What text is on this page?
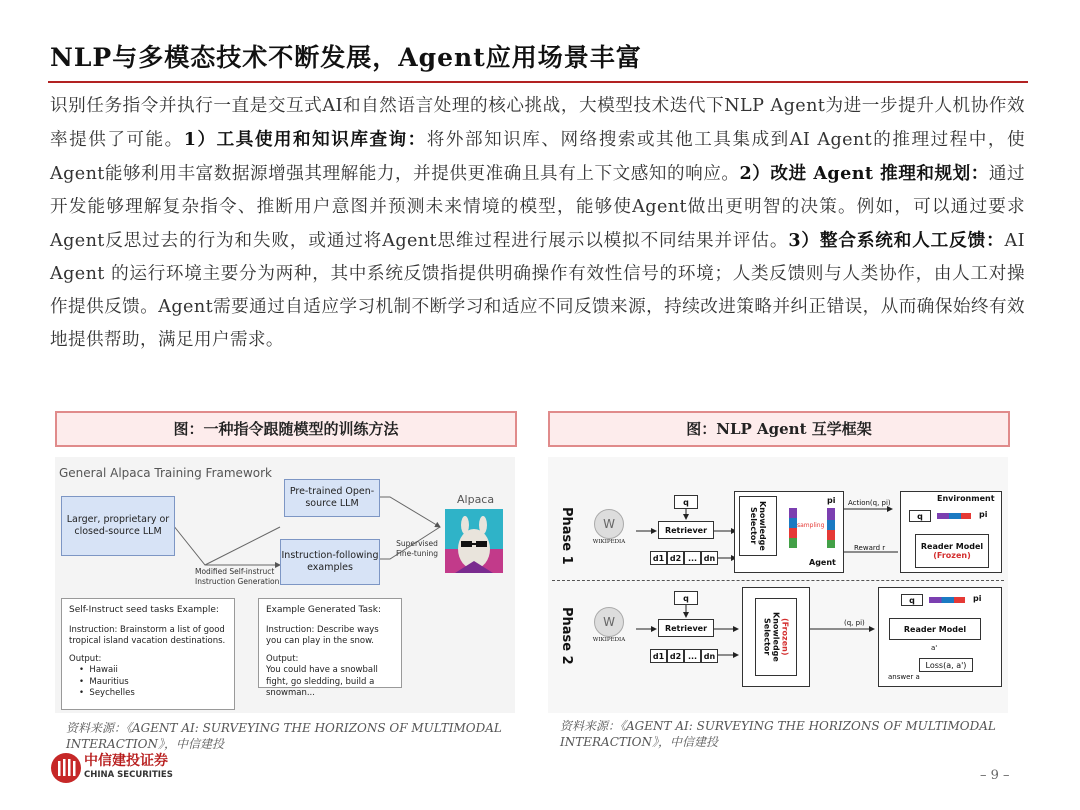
NLP与多模态技术不断发展，Agent应用场景丰富
识别任务指令并执行一直是交互式AI和自然语言处理的核心挑战，大模型技术迭代下NLP Agent为进一步提升人机协作效率提供了可能。1）工具使用和知识库查询：将外部知识库、网络搜索或其他工具集成到AI Agent的推理过程中，使Agent能够利用丰富数据源增强其理解能力，并提供更准确且具有上下文感知的响应。2）改进 Agent 推理和规划：通过开发能够理解复杂指令、推断用户意图并预测未来情境的模型，能够使Agent做出更明智的决策。例如，可以通过要求Agent反思过去的行为和失败，或通过将Agent思维过程进行展示以模拟不同结果并评估。3）整合系统和人工反馈：AI Agent 的运行环境主要分为两种，其中系统反馈指提供明确操作有效性信号的环境；人类反馈则与人类协作，由人工对操作提供反馈。Agent需要通过自适应学习机制不断学习和适应不同反馈来源，持续改进策略并纠正错误，从而确保始终有效地提供帮助，满足用户需求。
图：一种指令跟随模型的训练方法
General Alpaca Training Framework
Larger, proprietary or closed-source LLM
Pre-trained Open-source LLM
Instruction-following examples
Modified Self-instruct Instruction Generation
Supervised Fine-tuning
Alpaca
Self-Instruct seed tasks Example:
Instruction: Brainstorm a list of good tropical island vacation destinations.
Output:
•  Hawaii
•  Mauritius
•  Seychelles
Example Generated Task:
Instruction: Describe ways you can play in the snow.
Output:
You could have a snowball fight, go sledding, build a snowman...
资料来源：《AGENT AI: SURVEYING THE HORIZONS OF MULTIMODAL INTERACTION》，中信建投
图：NLP Agent 互学框架
Phase 1
Phase 2
W
WIKIPEDIA
q
Retriever
d1 d2 ... dn
Knowledge Selector	sampling
pi
Agent
Action(q, pi)
Reward r
Environment
q	pi
Reader Model
(Frozen)
W
WIKIPEDIA
q
Retriever
d1 d2 ... dn	Knowledge Selector	(Frozen)	(q, pi)
q	pi
Reader Model
a'
Loss(a, a')
answer a
资料来源：《AGENT AI: SURVEYING THE HORIZONS OF MULTIMODAL INTERACTION》，中信建投
中信建投证券
CHINA SECURITIES	– 9 –
